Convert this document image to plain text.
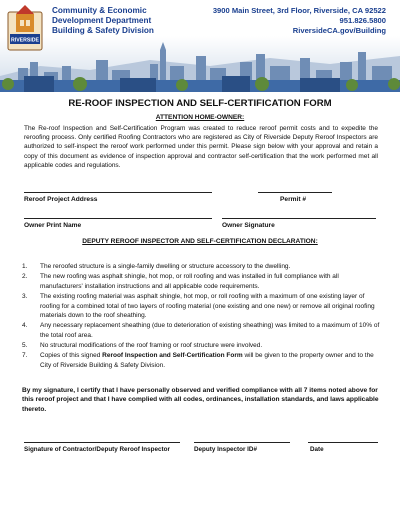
RIVERSIDE
Community & Economic
Development Department
Building & Safety Division
3900 Main Street, 3rd Floor, Riverside, CA 92522
951.826.5800
RiversideCA.gov/Building
RE-ROOF INSPECTION AND SELF-CERTIFICATION FORM
ATTENTION HOME-OWNER:
The Re-roof Inspection and Self-Certification Program was created to reduce reroof permit costs and to expedite the reroofing process. Only certified Roofing Contractors who are registered as City of Riverside Deputy Reroof Inspectors are authorized to self-inspect the reroof work performed under this permit. Please sign below with your approval and retain a copy of this document as evidence of inspection approval and contractor self-certification that the work performed met all applicable codes and regulations.
Reroof Project Address	Permit #
Owner Print Name	Owner Signature
DEPUTY REROOF INSPECTOR AND SELF-CERTIFICATION DECLARATION:
1. The reroofed structure is a single-family dwelling or structure accessory to the dwelling.
2. The new roofing was asphalt shingle, hot mop, or roll roofing and was installed in full compliance with all manufacturers' installation instructions and all applicable code requirements.
3. The existing roofing material was asphalt shingle, hot mop, or roll roofing with a maximum of one existing layer of roofing for a combined total of two layers of roofing material (one existing and one new) or remove all original roofing materials down to the roof sheathing.
4. Any necessary replacement sheathing (due to deterioration of existing sheathing) was limited to a maximum of 10% of the total roof area.
5. No structural modifications of the roof framing or roof structure were involved.
7. Copies of this signed Reroof Inspection and Self-Certification Form will be given to the property owner and to the City of Riverside Building & Safety Division.
By my signature, I certify that I have personally observed and verified compliance with all 7 items noted above for this reroof project and that I have complied with all codes, ordinances, installation standards, and laws applicable thereto.
Signature of Contractor/Deputy Reroof Inspector	Deputy Inspector ID#	Date
